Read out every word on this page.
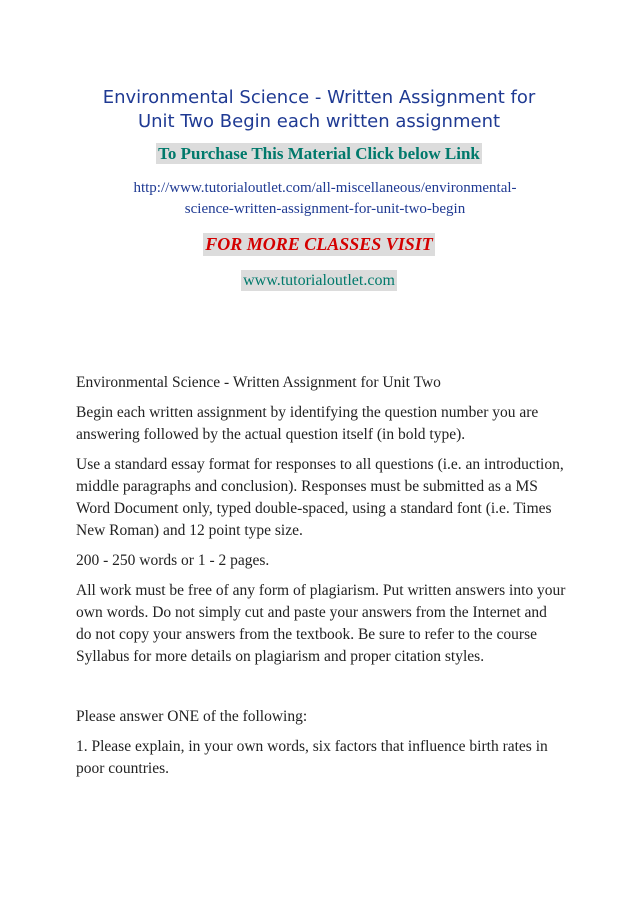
Environmental Science - Written Assignment for
Unit Two Begin each written assignment
To Purchase This Material Click below Link
http://www.tutorialoutlet.com/all-miscellaneous/environmental-
science-written-assignment-for-unit-two-begin
FOR MORE CLASSES VISIT
www.tutorialoutlet.com

Environmental Science - Written Assignment for Unit Two

Begin each written assignment by identifying the question number you are answering followed by the actual question itself (in bold type).

Use a standard essay format for responses to all questions (i.e. an introduction, middle paragraphs and conclusion). Responses must be submitted as a MS Word Document only, typed double-spaced, using a standard font (i.e. Times New Roman) and 12 point type size.

200 - 250 words or 1 - 2 pages.

All work must be free of any form of plagiarism. Put written answers into your own words. Do not simply cut and paste your answers from the Internet and do not copy your answers from the textbook. Be sure to refer to the course Syllabus for more details on plagiarism and proper citation styles.

Please answer ONE of the following:

1. Please explain, in your own words, six factors that influence birth rates in poor countries.
